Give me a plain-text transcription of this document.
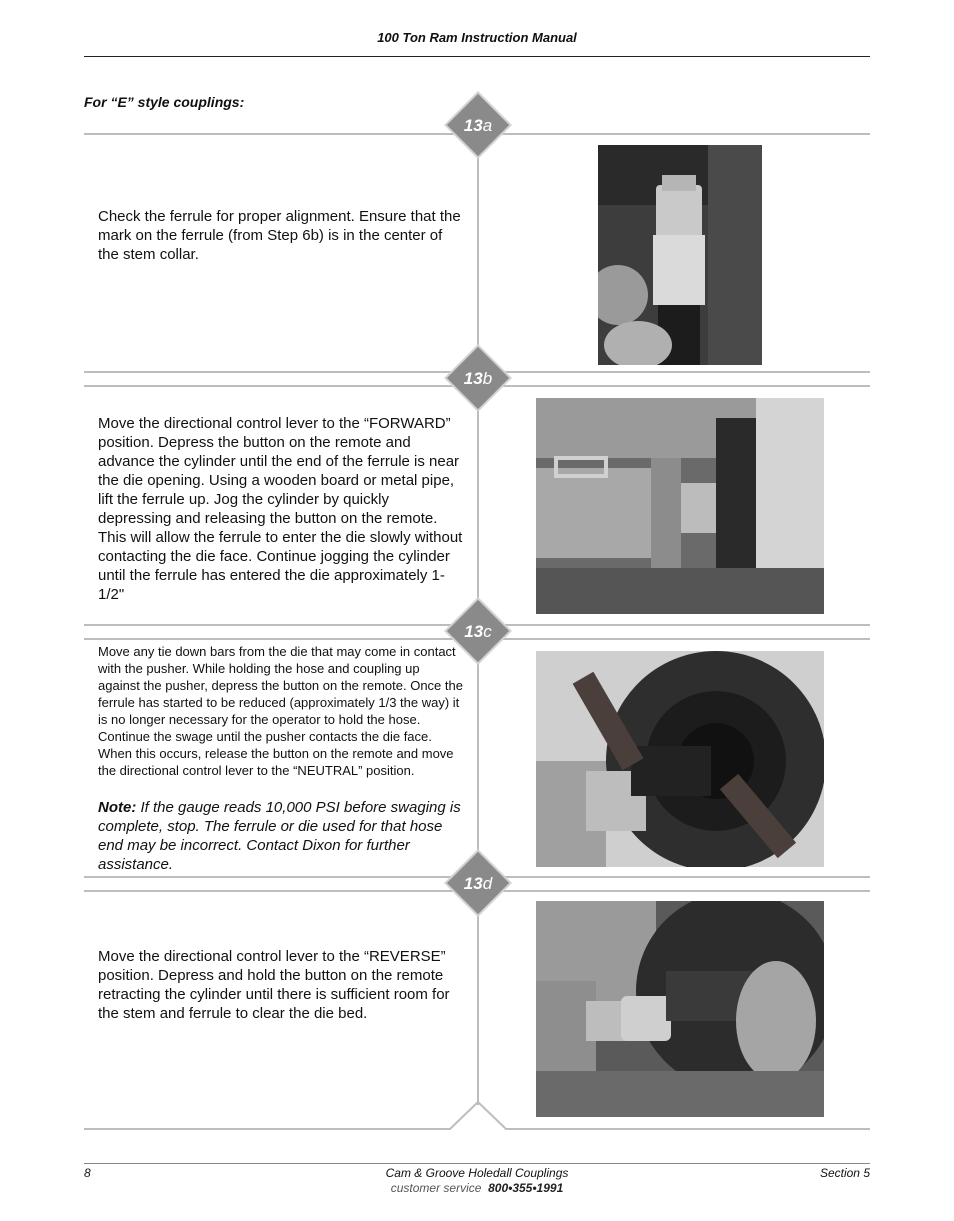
100 Ton Ram Instruction Manual
For “E” style couplings:
13a
Check the ferrule for proper alignment. Ensure that the mark on the ferrule (from Step 6b) is in the center of the stem collar.
13b
Move the directional control lever to the “FORWARD” position. Depress the button on the remote and advance the cylinder until the end of the ferrule is near the die opening. Using a wooden board or metal pipe, lift the ferrule up. Jog the cylinder by quickly depressing and releasing the button on the remote. This will allow the ferrule to enter the die slowly without contacting the die face. Continue jogging the cylinder until the ferrule has entered the die approximately 1-1/2"
13c
Move any tie down bars from the die that may come in contact with the pusher. While holding the hose and coupling up against the pusher, depress the button on the remote. Once the ferrule has started to be reduced (approximately 1/3 the way) it is no longer necessary for the operator to hold the hose. Continue the swage until the pusher contacts the die face. When this occurs, release the button on the remote and move the directional control lever to the “NEUTRAL” position.
Note: If the gauge reads 10,000 PSI before swaging is complete, stop. The ferrule or die used for that hose end may be incorrect. Contact Dixon for further assistance.
13d
Move the directional control lever to the “REVERSE” position. Depress and hold the button on the remote retracting the cylinder until there is sufficient room for the stem and ferrule to clear the die bed.
8	Cam & Groove Holedall Couplings
customer service 800•355•1991
Section 5
